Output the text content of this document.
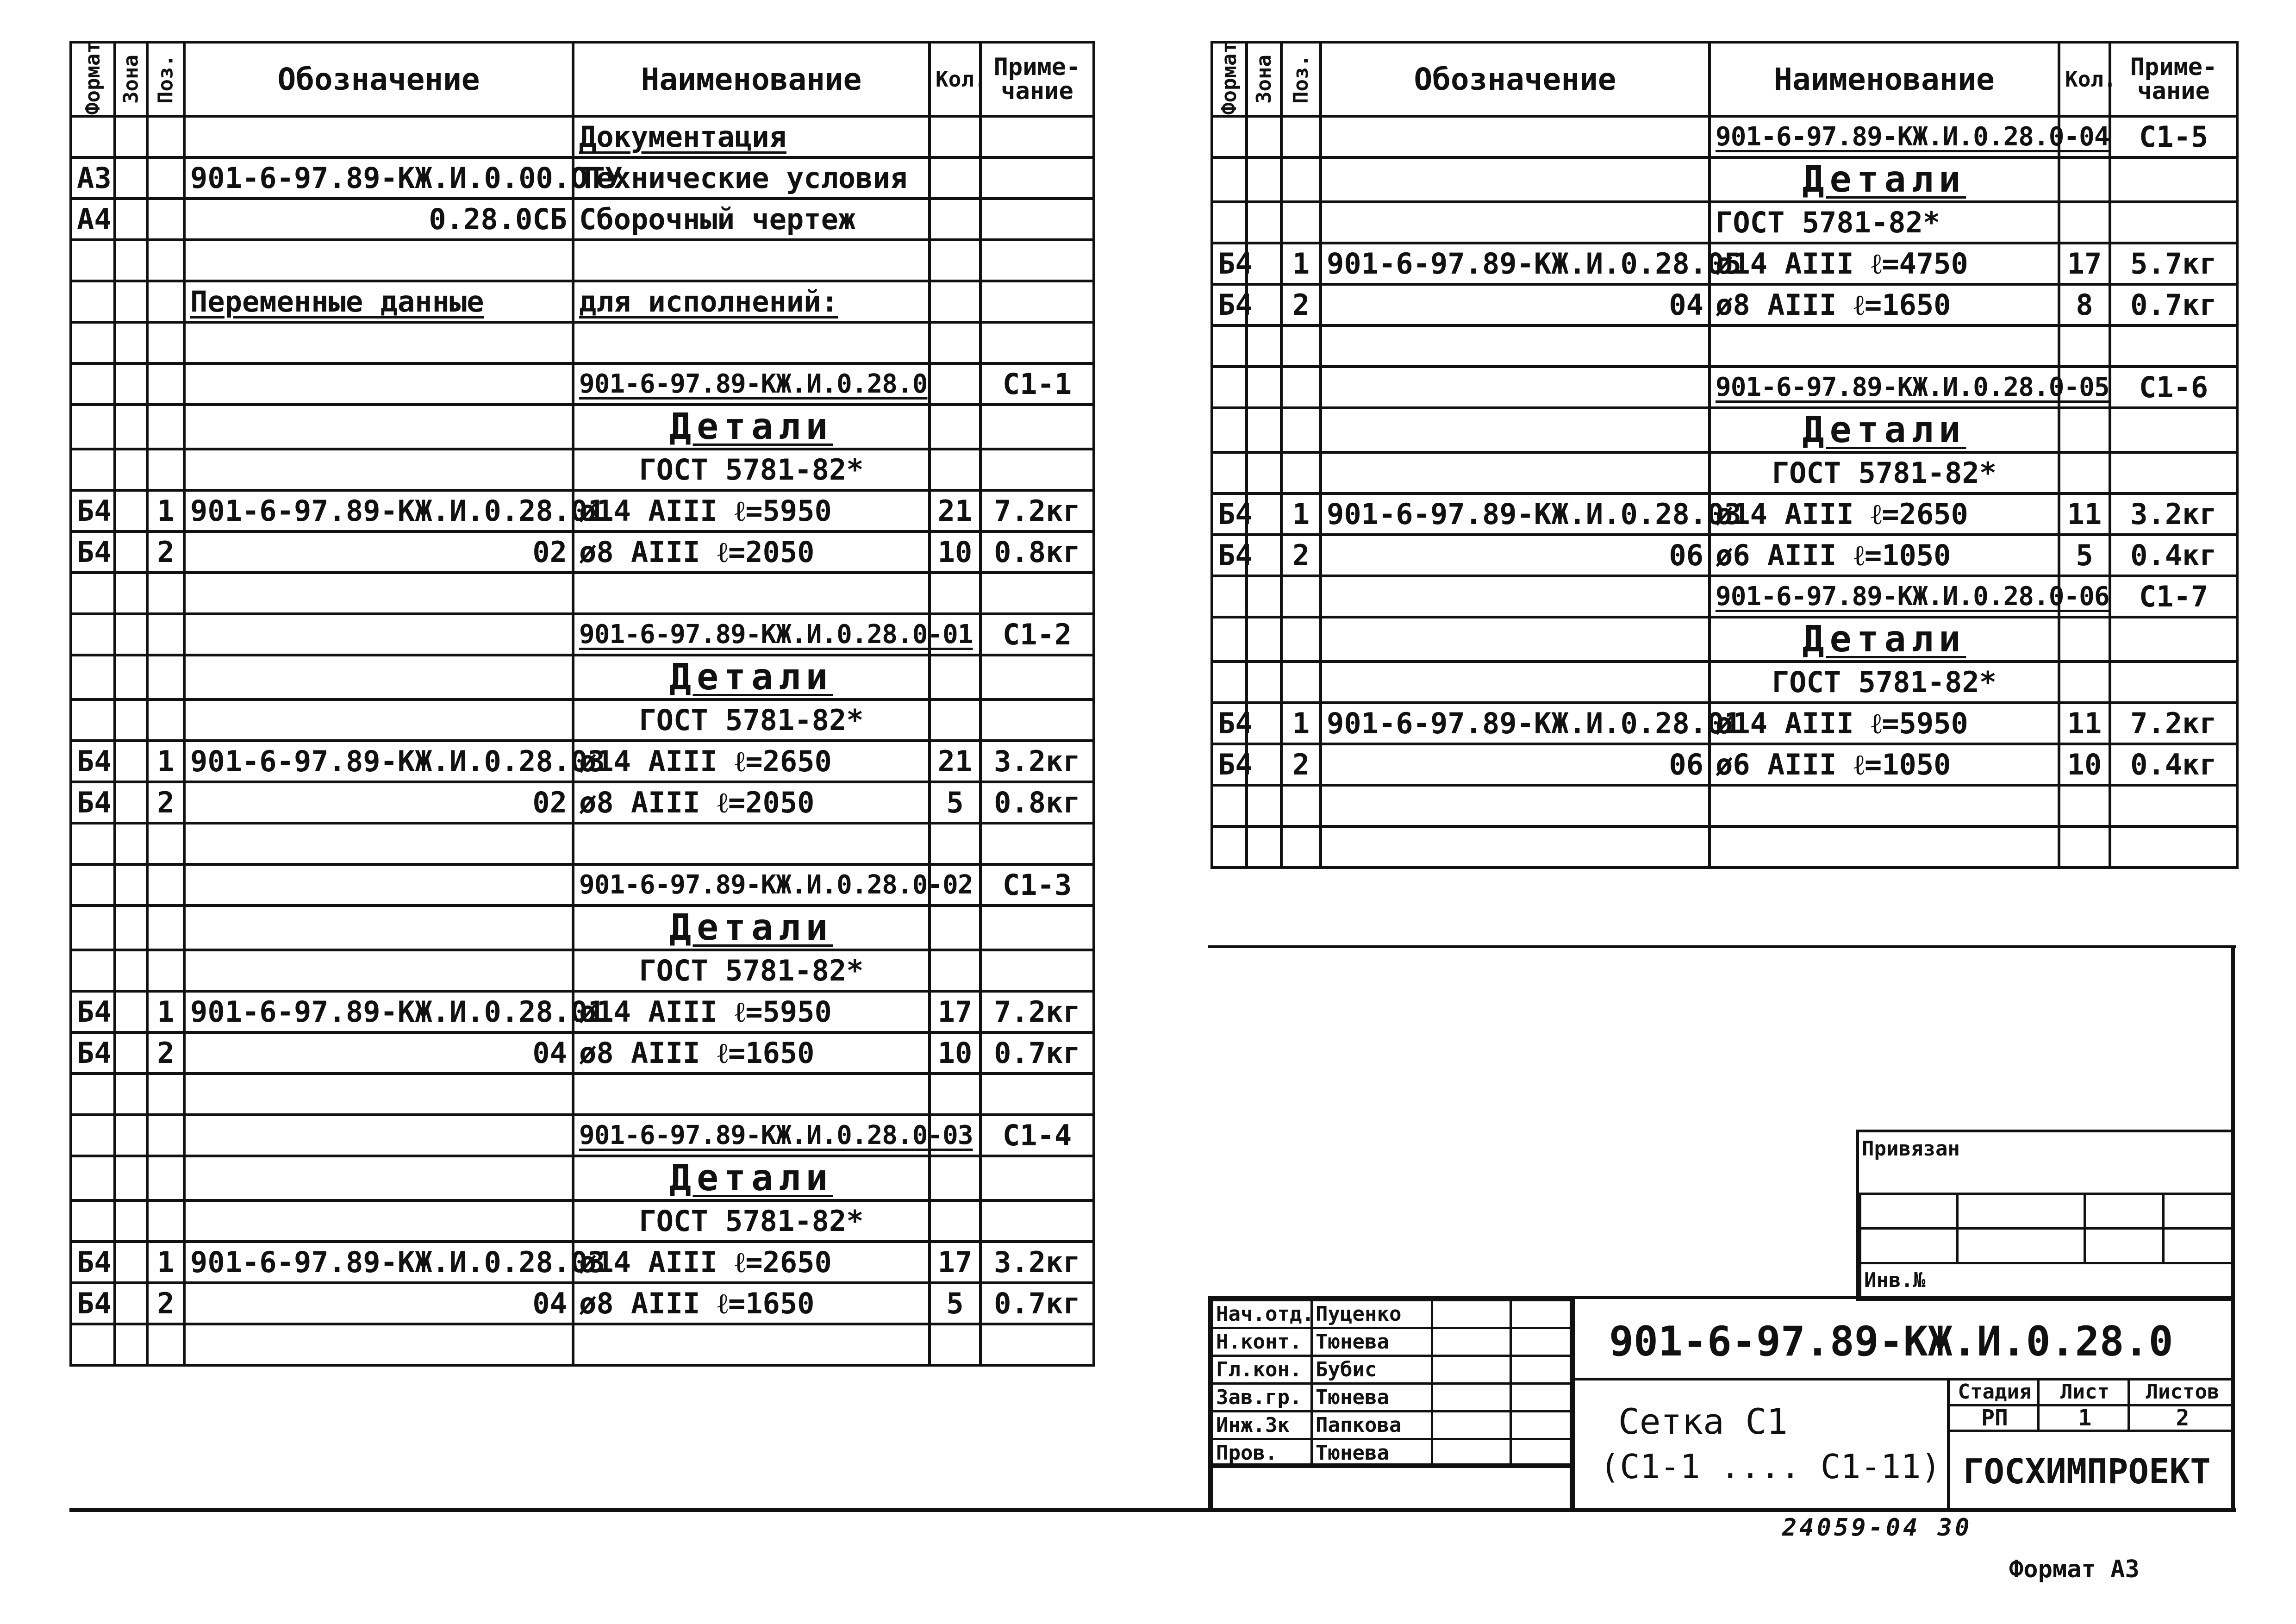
Формат	Зона	Поз.	Обозначение	Наименование	Кол.	Приме-чание
				Документация		
А3			901-6-97.89-КЖ.И.0.00.ОТУ	Технические условия		
А4			0.28.0СБ	Сборочный чертеж		

			Переменные данные	для исполнений:		

				901-6-97.89-КЖ.И.0.28.0		С1-1
				Детали		
				ГОСТ 5781-82*		
Б4		1	901-6-97.89-КЖ.И.0.28.01	ø14 АIII ℓ=5950	21	7.2кг
Б4		2	02	ø8 АIII ℓ=2050	10	0.8кг

				901-6-97.89-КЖ.И.0.28.0-01		С1-2
				Детали		
				ГОСТ 5781-82*		
Б4		1	901-6-97.89-КЖ.И.0.28.03	ø14 АIII ℓ=2650	21	3.2кг
Б4		2	02	ø8 АIII ℓ=2050	5	0.8кг

				901-6-97.89-КЖ.И.0.28.0-02		С1-3
				Детали		
				ГОСТ 5781-82*		
Б4		1	901-6-97.89-КЖ.И.0.28.01	ø14 АIII ℓ=5950	17	7.2кг
Б4		2	04	ø8 АIII ℓ=1650	10	0.7кг

				901-6-97.89-КЖ.И.0.28.0-03		С1-4
				Детали		
				ГОСТ 5781-82*		
Б4		1	901-6-97.89-КЖ.И.0.28.03	ø14 АIII ℓ=2650	17	3.2кг
Б4		2	04	ø8 АIII ℓ=1650	5	0.7кг

Формат	Зона	Поз.	Обозначение	Наименование	Кол.	Приме-чание
				901-6-97.89-КЖ.И.0.28.0-04		С1-5
				Детали		
				ГОСТ 5781-82*		
Б4		1	901-6-97.89-КЖ.И.0.28.05	ø14 АIII ℓ=4750	17	5.7кг
Б4		2	04	ø8 АIII ℓ=1650	8	0.7кг

				901-6-97.89-КЖ.И.0.28.0-05		С1-6
				Детали		
				ГОСТ 5781-82*		
Б4		1	901-6-97.89-КЖ.И.0.28.03	ø14 АIII ℓ=2650	11	3.2кг
Б4		2	06	ø6 АIII ℓ=1050	5	0.4кг
				901-6-97.89-КЖ.И.0.28.0-06		С1-7
				Детали		
				ГОСТ 5781-82*		
Б4		1	901-6-97.89-КЖ.И.0.28.01	ø14 АIII ℓ=5950	11	7.2кг
Б4		2	06	ø6 АIII ℓ=1050	10	0.4кг

Привязан
Инв.№
Нач.отд. Пуценко
Н.конт. Тюнева
Гл.кон. Бубис
Зав.гр. Тюнева
Инж.3к	Папкова
Пров.	Тюнева
901-6-97.89-КЖ.И.0.28.0
Сетка С1
(С1-1 .... С1-11)
Стадия	Лист	Листов
РП	1	2
ГОСХИМПРОЕКТ
24059-04 30
Формат А3
